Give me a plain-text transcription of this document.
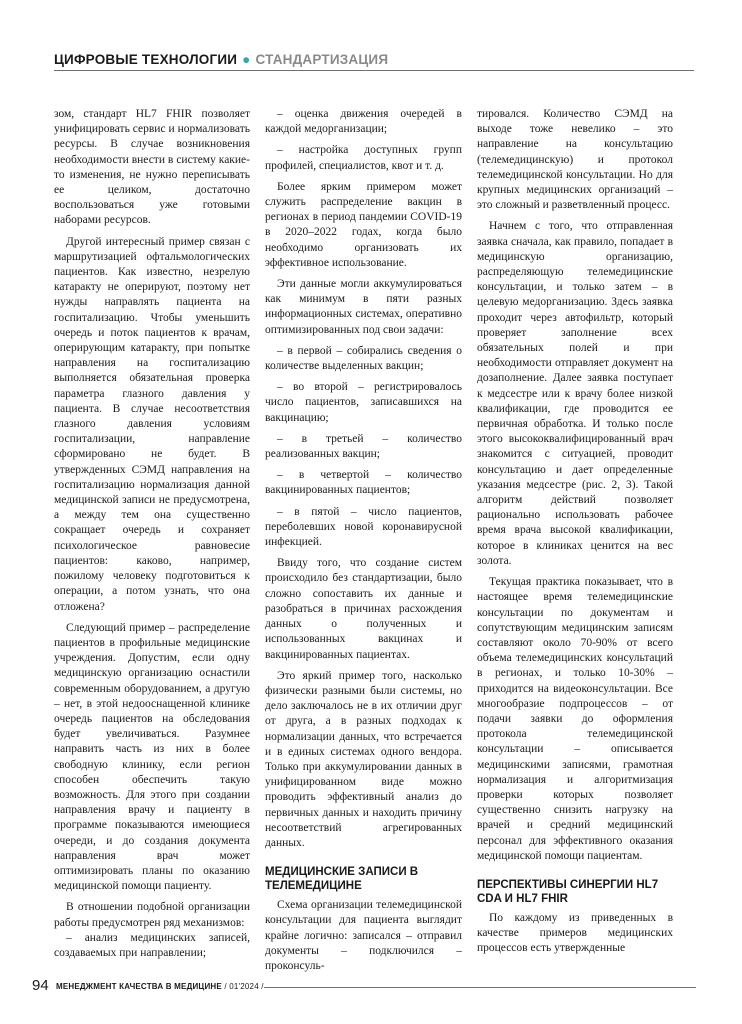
ЦИФРОВЫЕ ТЕХНОЛОГИИ ● СТАНДАРТИЗАЦИЯ

зом, стандарт HL7 FHIR позволяет унифицировать сервис и нормализовать ресурсы. В случае возникновения необходимости внести в систему какие-то изменения, не нужно переписывать ее целиком, достаточно воспользоваться уже готовыми наборами ресурсов.

Другой интересный пример связан с маршрутизацией офтальмологических пациентов. Как известно, незрелую катаракту не оперируют, поэтому нет нужды направлять пациента на госпитализацию. Чтобы уменьшить очередь и поток пациентов к врачам, оперирующим катаракту, при попытке направления на госпитализацию выполняется обязательная проверка параметра глазного давления у пациента. В случае несоответствия глазного давления условиям госпитализации, направление сформировано не будет. В утвержденных СЭМД направления на госпитализацию нормализация данной медицинской записи не предусмотрена, а между тем она существенно сокращает очередь и сохраняет психологическое равновесие пациентов: каково, например, пожилому человеку подготовиться к операции, а потом узнать, что она отложена?

Следующий пример – распределение пациентов в профильные медицинские учреждения. Допустим, если одну медицинскую организацию оснастили современным оборудованием, а другую – нет, в этой недооснащенной клинике очередь пациентов на обследования будет увеличиваться. Разумнее направить часть из них в более свободную клинику, если регион способен обеспечить такую возможность. Для этого при создании направления врачу и пациенту в программе показываются имеющиеся очереди, и до создания документа направления врач может оптимизировать планы по оказанию медицинской помощи пациенту.

В отношении подобной организации работы предусмотрен ряд механизмов:

– анализ медицинских записей, создаваемых при направлении;

– оценка движения очередей в каждой медорганизации;

– настройка доступных групп профилей, специалистов, квот и т. д.

Более ярким примером может служить распределение вакцин в регионах в период пандемии COVID-19 в 2020–2022 годах, когда было необходимо организовать их эффективное использование.

Эти данные могли аккумулироваться как минимум в пяти разных информационных системах, оперативно оптимизированных под свои задачи:

– в первой – собирались сведения о количестве выделенных вакцин;

– во второй – регистрировалось число пациентов, записавшихся на вакцинацию;

– в третьей – количество реализованных вакцин;

– в четвертой – количество вакцинированных пациентов;

– в пятой – число пациентов, переболевших новой коронавирусной инфекцией.

Ввиду того, что создание систем происходило без стандартизации, было сложно сопоставить их данные и разобраться в причинах расхождения данных о полученных и использованных вакцинах и вакцинированных пациентах.

Это яркий пример того, насколько физически разными были системы, но дело заключалось не в их отличии друг от друга, а в разных подходах к нормализации данных, что встречается и в единых системах одного вендора. Только при аккумулировании данных в унифицированном виде можно проводить эффективный анализ до первичных данных и находить причину несоответствий агрегированных данных.

МЕДИЦИНСКИЕ ЗАПИСИ В ТЕЛЕМЕДИЦИНЕ

Схема организации телемедицинской консультации для пациента выглядит крайне логично: записался – отправил документы – подключился – проконсуль-

тировался. Количество СЭМД на выходе тоже невелико – это направление на консультацию (телемедицинскую) и протокол телемедицинской консультации. Но для крупных медицинских организаций – это сложный и разветвленный процесс.

Начнем с того, что отправленная заявка сначала, как правило, попадает в медицинскую организацию, распределяющую телемедицинские консультации, и только затем – в целевую медорганизацию. Здесь заявка проходит через автофильтр, который проверяет заполнение всех обязательных полей и при необходимости отправляет документ на дозаполнение. Далее заявка поступает к медсестре или к врачу более низкой квалификации, где проводится ее первичная обработка. И только после этого высококвалифицированный врач знакомится с ситуацией, проводит консультацию и дает определенные указания медсестре (рис. 2, 3). Такой алгоритм действий позволяет рационально использовать рабочее время врача высокой квалификации, которое в клиниках ценится на вес золота.

Текущая практика показывает, что в настоящее время телемедицинские консультации по документам и сопутствующим медицинским записям составляют около 70-90% от всего объема телемедицинских консультаций в регионах, и только 10-30% – приходится на видеоконсультации. Все многообразие подпроцессов – от подачи заявки до оформления протокола телемедицинской консультации – описывается медицинскими записями, грамотная нормализация и алгоритмизация проверки которых позволяет существенно снизить нагрузку на врачей и средний медицинский персонал для эффективного оказания медицинской помощи пациентам.

ПЕРСПЕКТИВЫ СИНЕРГИИ HL7 CDA И HL7 FHIR

По каждому из приведенных в качестве примеров медицинских процессов есть утвержденные

94 МЕНЕДЖМЕНТ КАЧЕСТВА В МЕДИЦИНЕ / 01'2024 /
